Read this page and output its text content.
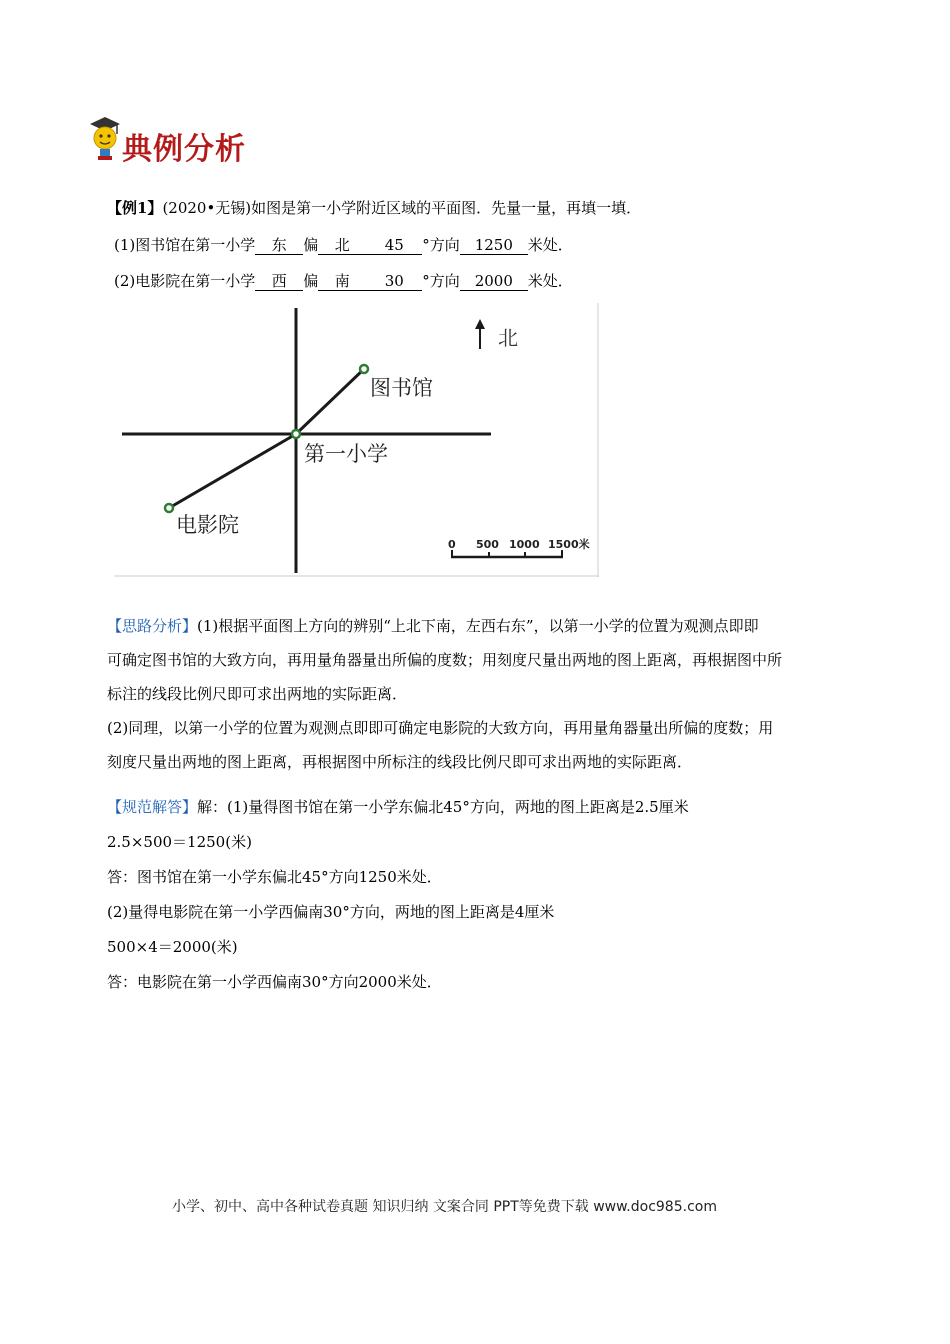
典例分析
【例1】(2020•无锡)如图是第一小学附近区域的平面图．先量一量，再填一填．
(1)图书馆在第一小学 东 偏 北 45 °方向 1250 米处．
(2)电影院在第一小学 西 偏 南 30 °方向 2000 米处．
北
图书馆
第一小学
电影院
0 500 1000 1500米
【思路分析】(1)根据平面图上方向的辨别“上北下南，左西右东”，以第一小学的位置为观测点即即
可确定图书馆的大致方向，再用量角器量出所偏的度数；用刻度尺量出两地的图上距离，再根据图中所
标注的线段比例尺即可求出两地的实际距离．
(2)同理，以第一小学的位置为观测点即即可确定电影院的大致方向，再用量角器量出所偏的度数；用
刻度尺量出两地的图上距离，再根据图中所标注的线段比例尺即可求出两地的实际距离．
【规范解答】解：(1)量得图书馆在第一小学东偏北45°方向，两地的图上距离是2.5厘米
2.5×500＝1250(米)
答：图书馆在第一小学东偏北45°方向1250米处．
(2)量得电影院在第一小学西偏南30°方向，两地的图上距离是4厘米
500×4＝2000(米)
答：电影院在第一小学西偏南30°方向2000米处．
小学、初中、高中各种试卷真题 知识归纳 文案合同 PPT等免费下载 www.doc985.com
